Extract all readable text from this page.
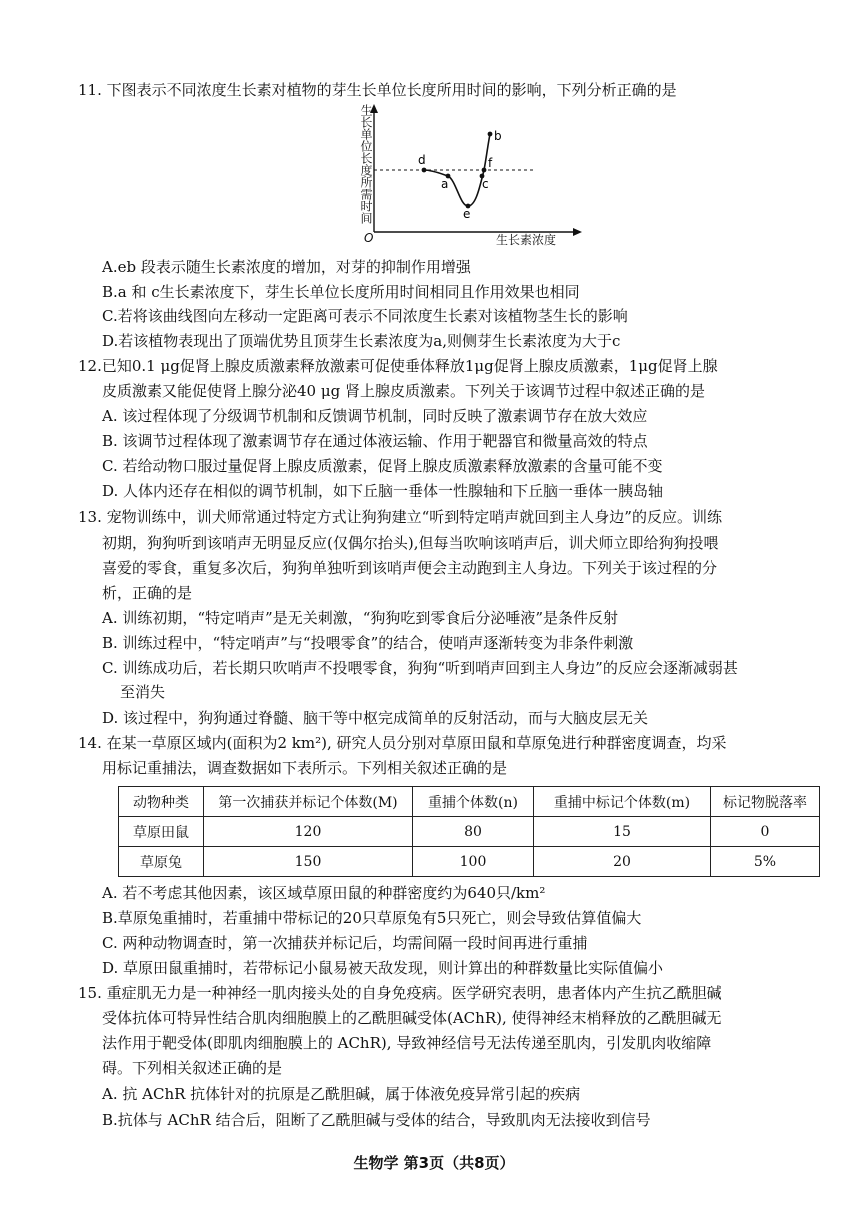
11. 下图表示不同浓度生长素对植物的芽生长单位长度所用时间的影响，下列分析正确的是
生长单位长度所需时间	d
a
e
c
f
b
O	生长素浓度
A.eb 段表示随生长素浓度的增加，对芽的抑制作用增强
B.a 和 c生长素浓度下，芽生长单位长度所用时间相同且作用效果也相同
C.若将该曲线图向左移动一定距离可表示不同浓度生长素对该植物茎生长的影响
D.若该植物表现出了顶端优势且顶芽生长素浓度为a,则侧芽生长素浓度为大于c
12.已知0.1 μg促肾上腺皮质激素释放激素可促使垂体释放1μg促肾上腺皮质激素，1μg促肾上腺
皮质激素又能促使肾上腺分泌40 μg 肾上腺皮质激素。下列关于该调节过程中叙述正确的是
A. 该过程体现了分级调节机制和反馈调节机制，同时反映了激素调节存在放大效应
B. 该调节过程体现了激素调节存在通过体液运输、作用于靶器官和微量高效的特点
C. 若给动物口服过量促肾上腺皮质激素，促肾上腺皮质激素释放激素的含量可能不变
D. 人体内还存在相似的调节机制，如下丘脑一垂体一性腺轴和下丘脑一垂体一胰岛轴
13. 宠物训练中，训犬师常通过特定方式让狗狗建立“听到特定哨声就回到主人身边”的反应。训练
初期，狗狗听到该哨声无明显反应(仅偶尔抬头),但每当吹响该哨声后，训犬师立即给狗狗投喂
喜爱的零食，重复多次后，狗狗单独听到该哨声便会主动跑到主人身边。下列关于该过程的分
析，正确的是
A. 训练初期，“特定哨声”是无关刺激，“狗狗吃到零食后分泌唾液”是条件反射
B. 训练过程中，“特定哨声”与“投喂零食”的结合，使哨声逐渐转变为非条件刺激
C. 训练成功后，若长期只吹哨声不投喂零食，狗狗“听到哨声回到主人身边”的反应会逐渐减弱甚
至消失
D. 该过程中，狗狗通过脊髓、脑干等中枢完成简单的反射活动，而与大脑皮层无关
14. 在某一草原区域内(面积为2 km²), 研究人员分别对草原田鼠和草原兔进行种群密度调查，均采
用标记重捕法，调查数据如下表所示。下列相关叙述正确的是
动物种类	第一次捕获并标记个体数(M)	重捕个体数(n)	重捕中标记个体数(m)	标记物脱落率
草原田鼠	120	80	15	0
草原兔	150	100	20	5%
A. 若不考虑其他因素，该区域草原田鼠的种群密度约为640只/km²
B.草原兔重捕时，若重捕中带标记的20只草原兔有5只死亡，则会导致估算值偏大
C. 两种动物调查时，第一次捕获并标记后，均需间隔一段时间再进行重捕
D. 草原田鼠重捕时，若带标记小鼠易被天敌发现，则计算出的种群数量比实际值偏小
15. 重症肌无力是一种神经一肌肉接头处的自身免疫病。医学研究表明，患者体内产生抗乙酰胆碱
受体抗体可特异性结合肌肉细胞膜上的乙酰胆碱受体(AChR), 使得神经末梢释放的乙酰胆碱无
法作用于靶受体(即肌肉细胞膜上的 AChR), 导致神经信号无法传递至肌肉，引发肌肉收缩障
碍。下列相关叙述正确的是
A. 抗 AChR 抗体针对的抗原是乙酰胆碱，属于体液免疫异常引起的疾病
B.抗体与 AChR 结合后，阻断了乙酰胆碱与受体的结合，导致肌肉无法接收到信号
生物学 第3页（共8页）
